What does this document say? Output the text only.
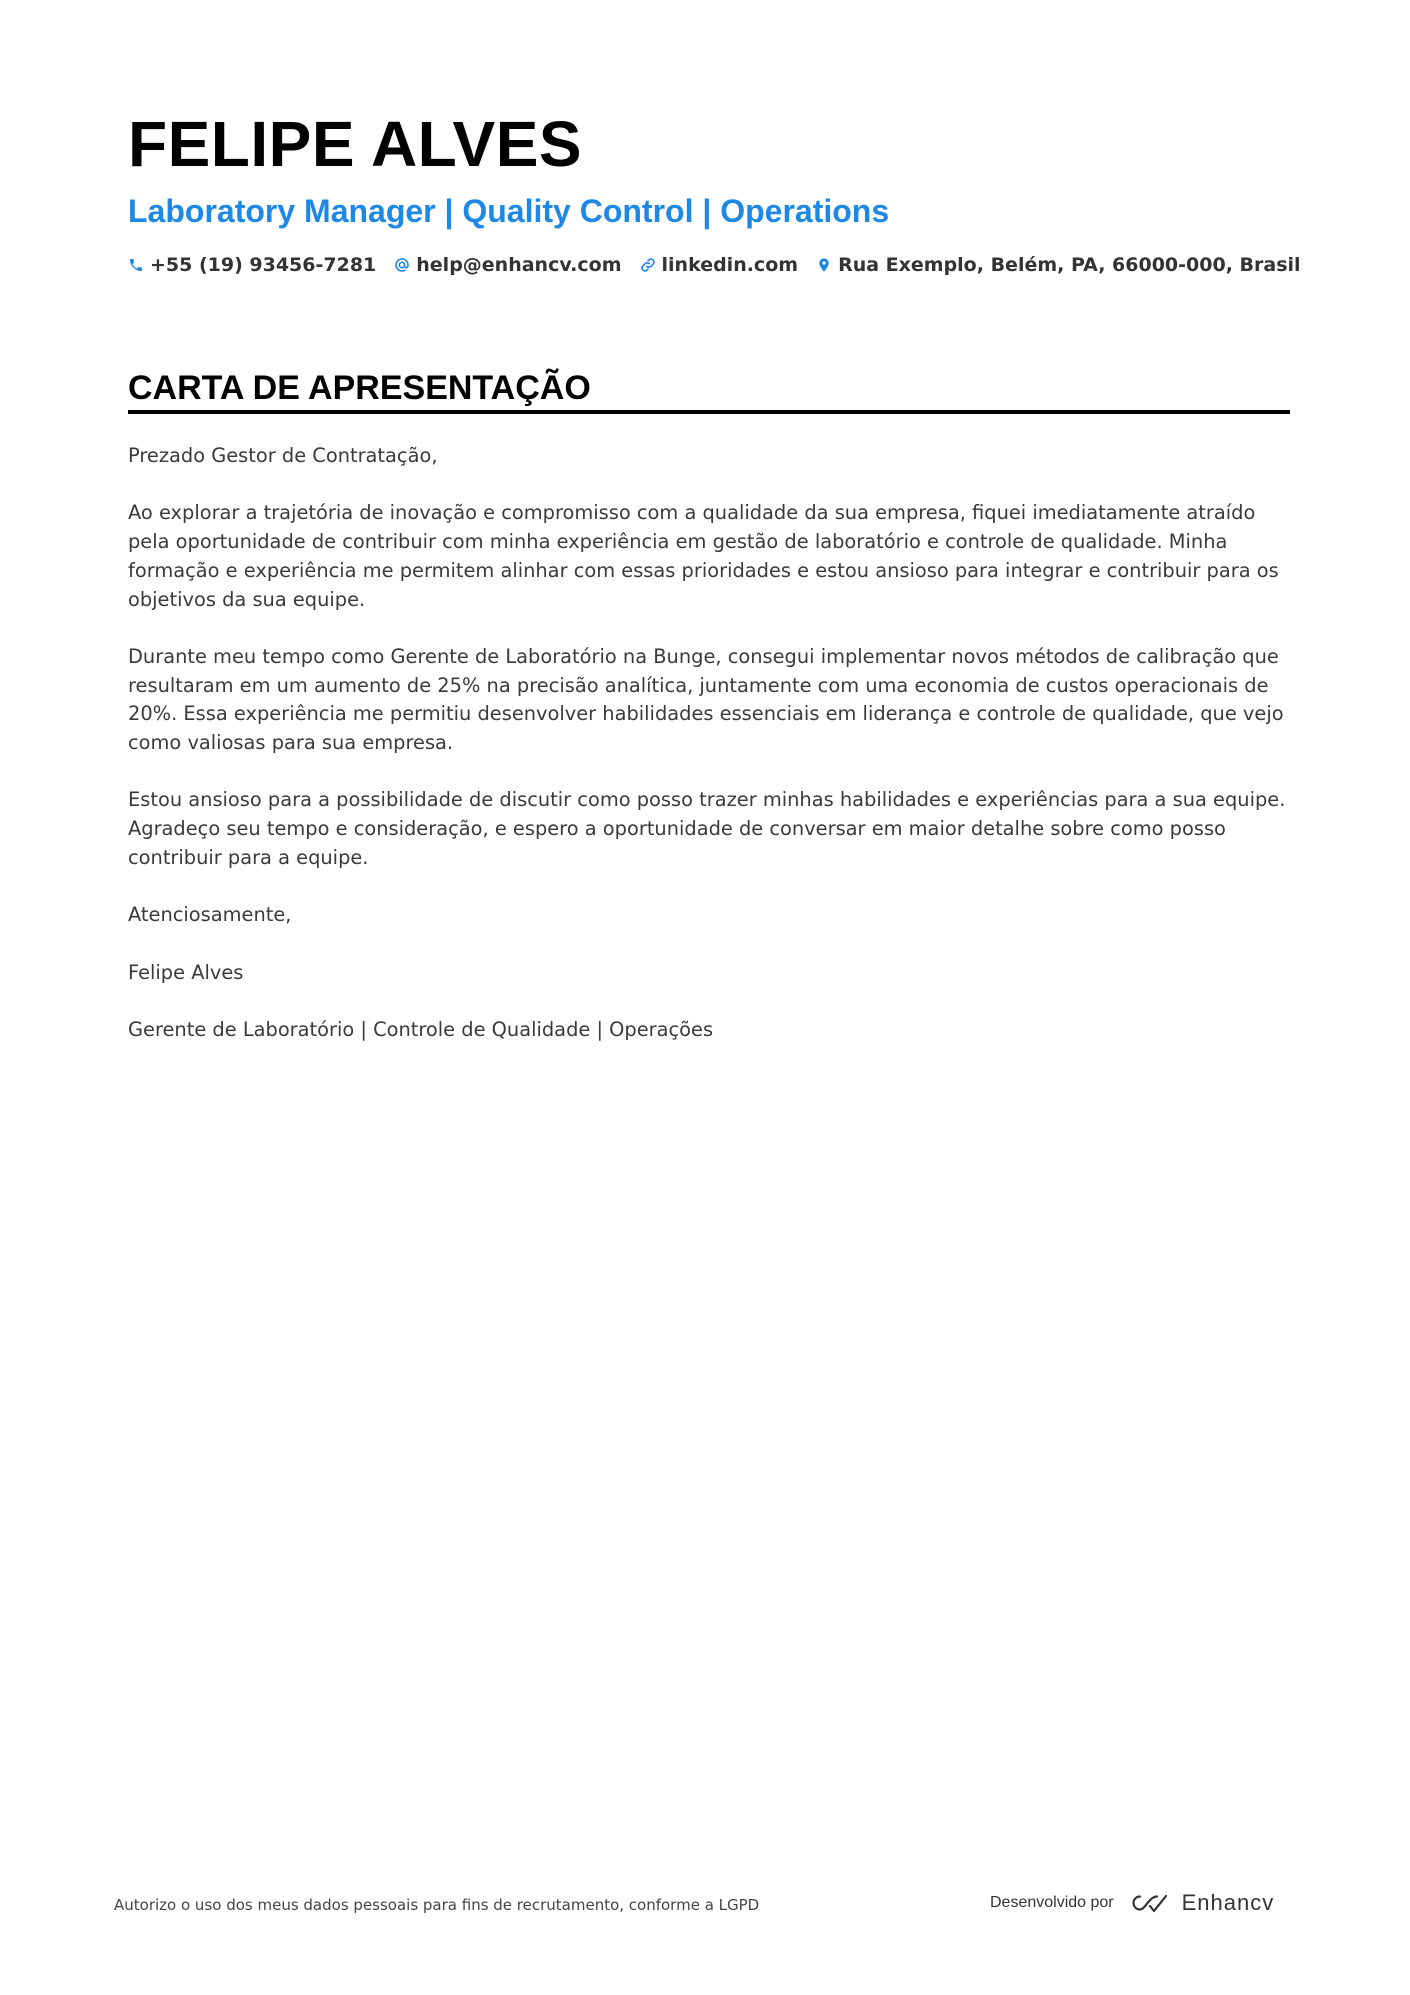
FELIPE ALVES
Laboratory Manager | Quality Control | Operations
+55 (19) 93456-7281 help@enhancv.com linkedin.com Rua Exemplo, Belém, PA, 66000-000, Brasil
CARTA DE APRESENTAÇÃO

Prezado Gestor de Contratação,

Ao explorar a trajetória de inovação e compromisso com a qualidade da sua empresa, fiquei imediatamente atraído pela oportunidade de contribuir com minha experiência em gestão de laboratório e controle de qualidade. Minha formação e experiência me permitem alinhar com essas prioridades e estou ansioso para integrar e contribuir para os objetivos da sua equipe.

Durante meu tempo como Gerente de Laboratório na Bunge, consegui implementar novos métodos de calibração que resultaram em um aumento de 25% na precisão analítica, juntamente com uma economia de custos operacionais de 20%. Essa experiência me permitiu desenvolver habilidades essenciais em liderança e controle de qualidade, que vejo como valiosas para sua empresa.

Estou ansioso para a possibilidade de discutir como posso trazer minhas habilidades e experiências para a sua equipe. Agradeço seu tempo e consideração, e espero a oportunidade de conversar em maior detalhe sobre como posso contribuir para a equipe.

Atenciosamente,

Felipe Alves

Gerente de Laboratório | Controle de Qualidade | Operações

Autorizo o uso dos meus dados pessoais para fins de recrutamento, conforme a LGPD	Desenvolvido por	Enhancv
